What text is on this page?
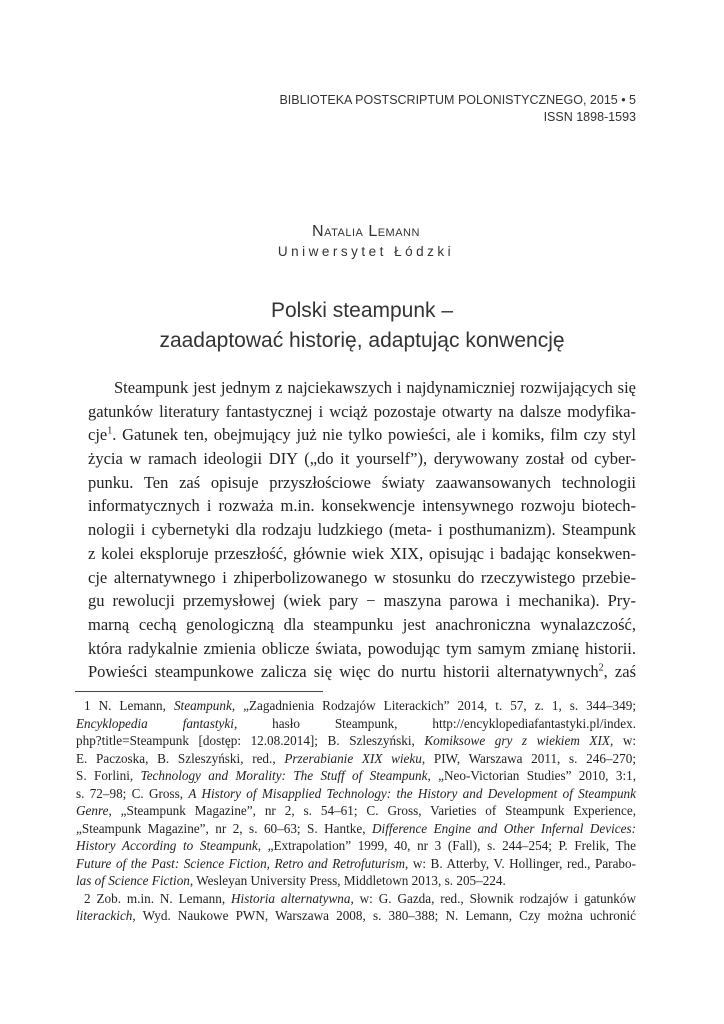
BIBLIOTEKA POSTSCRIPTUM POLONISTYCZNEGO, 2015 • 5
ISSN 1898-1593
Natalia Lemann
Uniwersytet Łódzki
Polski steampunk –
zaadaptować historię, adaptując konwencję
Steampunk jest jednym z najciekawszych i najdynamiczniej rozwijających się
gatunków literatury fantastycznej i wciąż pozostaje otwarty na dalsze modyfika-
cje$^1$. Gatunek ten, obejmujący już nie tylko powieści, ale i komiks, film czy styl
życia w ramach ideologii DIY („do it yourself”), derywowany został od cyber-
punku. Ten zaś opisuje przyszłościowe światy zaawansowanych technologii
informatycznych i rozważa m.in. konsekwencje intensywnego rozwoju biotech-
nologii i cybernetyki dla rodzaju ludzkiego (meta- i posthumanizm). Steampunk
z kolei eksploruje przeszłość, głównie wiek XIX, opisując i badając konsekwen-
cje alternatywnego i zhiperbolizowanego w stosunku do rzeczywistego przebie-
gu rewolucji przemysłowej (wiek pary − maszyna parowa i mechanika). Pry-
marną cechą genologiczną dla steampunku jest anachroniczna wynalazczość,
która radykalnie zmienia oblicze świata, powodując tym samym zmianę historii.
Powieści steampunkowe zalicza się więc do nurtu historii alternatywnych$^2$, zaś
1 N. Lemann, Steampunk, „Zagadnienia Rodzajów Literackich” 2014, t. 57, z. 1, s. 344–349;
Encyklopedia fantastyki, hasło Steampunk, http://encyklopediafantastyki.pl/index.
php?title=Steampunk [dostęp: 12.08.2014]; B. Szleszyński, Komiksowe gry z wiekiem XIX, w:
E. Paczoska, B. Szleszyński, red., Przerabianie XIX wieku, PIW, Warszawa 2011, s. 246–270;
S. Forlini, Technology and Morality: The Stuff of Steampunk, „Neo-Victorian Studies” 2010, 3:1,
s. 72–98; C. Gross, A History of Misapplied Technology: the History and Development of Steampunk
Genre, „Steampunk Magazine”, nr 2, s. 54–61; C. Gross, Varieties of Steampunk Experience,
„Steampunk Magazine”, nr 2, s. 60–63; S. Hantke, Difference Engine and Other Infernal Devices:
History According to Steampunk, „Extrapolation” 1999, 40, nr 3 (Fall), s. 244–254; P. Frelik, The
Future of the Past: Science Fiction, Retro and Retrofuturism, w: B. Atterby, V. Hollinger, red., Parabo-
las of Science Fiction, Wesleyan University Press, Middletown 2013, s. 205–224.
2 Zob. m.in. N. Lemann, Historia alternatywna, w: G. Gazda, red., Słownik rodzajów i gatunków
literackich, Wyd. Naukowe PWN, Warszawa 2008, s. 380–388; N. Lemann, Czy można uchronić
